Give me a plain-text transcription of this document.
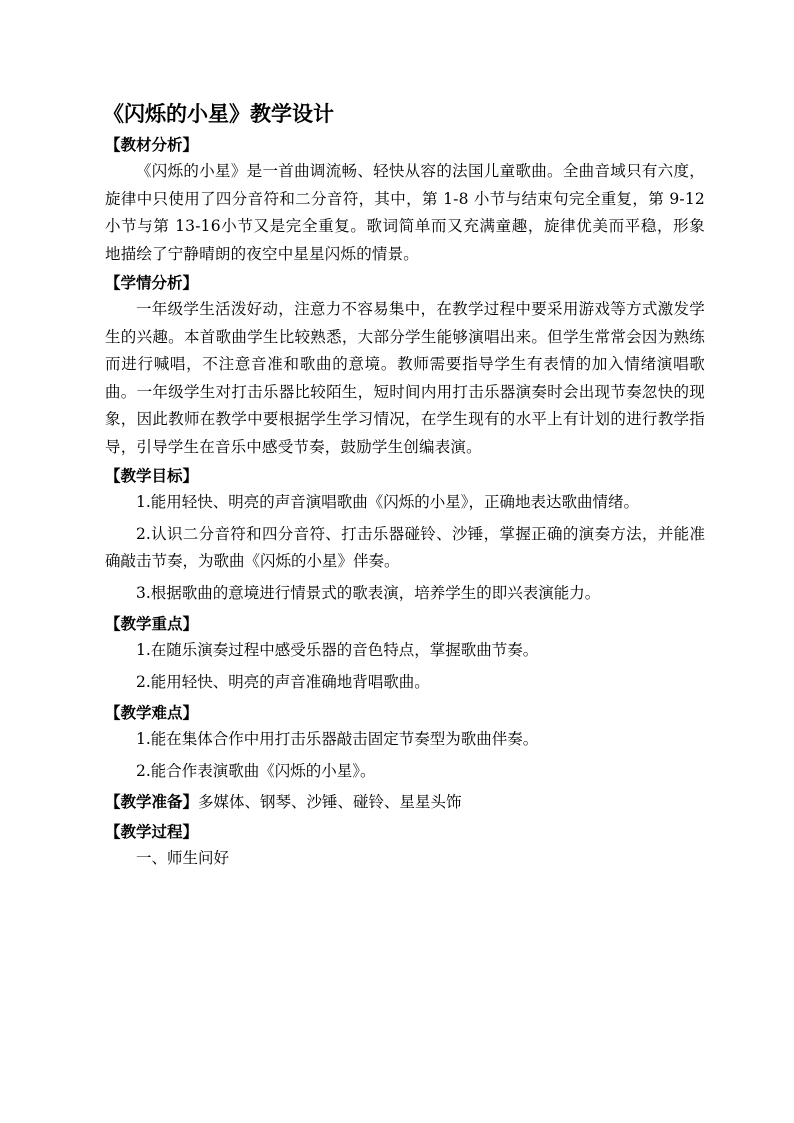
《闪烁的小星》教学设计
【教材分析】

《闪烁的小星》是一首曲调流畅、轻快从容的法国儿童歌曲。全曲音域只有六度，旋律中只使用了四分音符和二分音符，其中，第 1-8 小节与结束句完全重复，第 9-12 小节与第 13-16小节又是完全重复。歌词简单而又充满童趣，旋律优美而平稳，形象地描绘了宁静晴朗的夜空中星星闪烁的情景。

【学情分析】

一年级学生活泼好动，注意力不容易集中，在教学过程中要采用游戏等方式激发学生的兴趣。本首歌曲学生比较熟悉，大部分学生能够演唱出来。但学生常常会因为熟练而进行喊唱，不注意音准和歌曲的意境。教师需要指导学生有表情的加入情绪演唱歌曲。一年级学生对打击乐器比较陌生，短时间内用打击乐器演奏时会出现节奏忽快的现象，因此教师在教学中要根据学生学习情况，在学生现有的水平上有计划的进行教学指导，引导学生在音乐中感受节奏，鼓励学生创编表演。

【教学目标】

1.能用轻快、明亮的声音演唱歌曲《闪烁的小星》，正确地表达歌曲情绪。

2.认识二分音符和四分音符、打击乐器碰铃、沙锤，掌握正确的演奏方法，并能准确敲击节奏，为歌曲《闪烁的小星》伴奏。

3.根据歌曲的意境进行情景式的歌表演，培养学生的即兴表演能力。

【教学重点】

1.在随乐演奏过程中感受乐器的音色特点，掌握歌曲节奏。

2.能用轻快、明亮的声音准确地背唱歌曲。

【教学难点】

1.能在集体合作中用打击乐器敲击固定节奏型为歌曲伴奏。

2.能合作表演歌曲《闪烁的小星》。

【教学准备】多媒体、钢琴、沙锤、碰铃、星星头饰
【教学过程】

一、师生问好
